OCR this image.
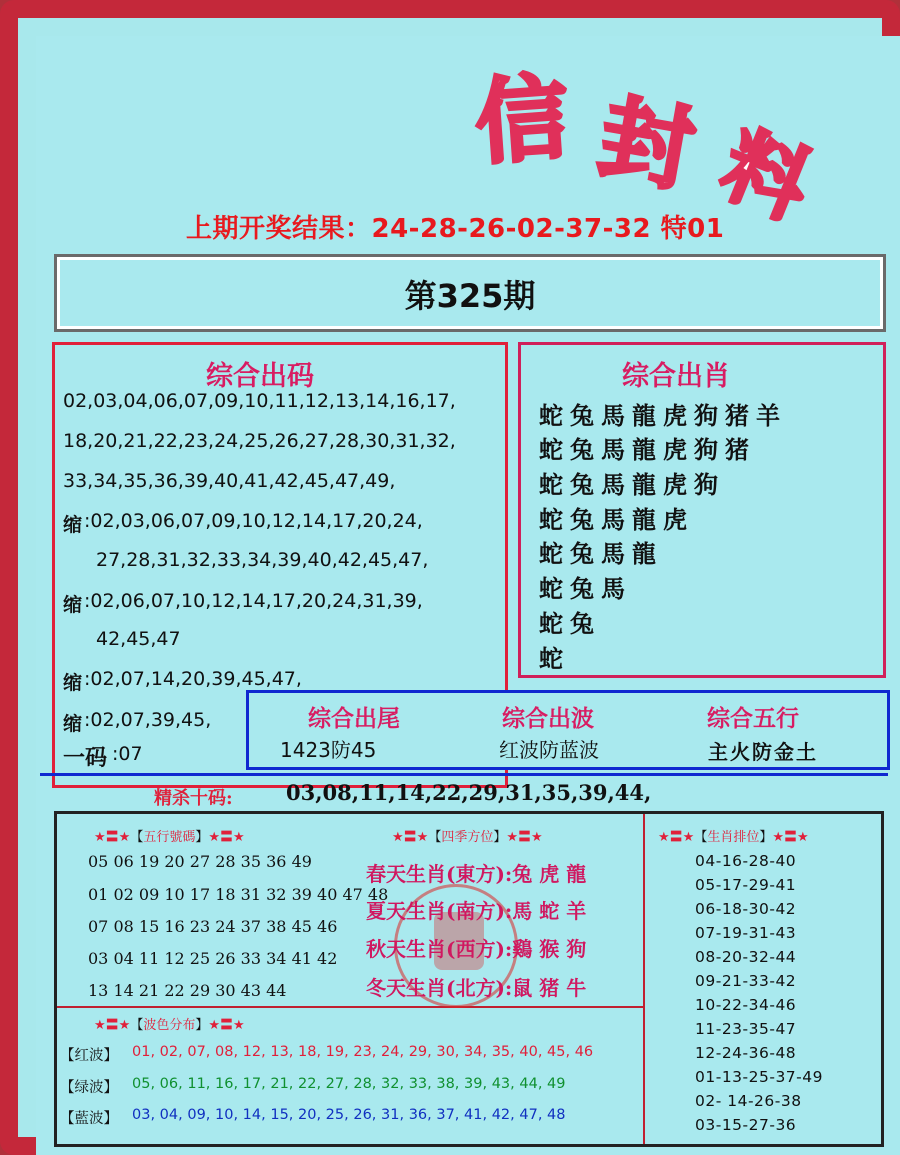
信 封 料
上期开奖结果：24-28-26-02-37-32 特01
第325期
综合出码
02,03,04,06,07,09,10,11,12,13,14,16,17,
18,20,21,22,23,24,25,26,27,28,30,31,32,
33,34,35,36,39,40,41,42,45,47,49,
缩 :02,03,06,07,09,10,12,14,17,20,24,
27,28,31,32,33,34,39,40,42,45,47,
缩 :02,06,07,10,12,14,17,20,24,31,39,
42,45,47
缩 :02,07,14,20,39,45,47,
缩 :02,07,39,45,
一码 :07
综合出肖
蛇兔馬龍虎狗猪羊
蛇兔馬龍虎狗猪
蛇兔馬龍虎狗
蛇兔馬龍虎
蛇兔馬龍
蛇兔馬
蛇兔
蛇
综合出尾
1423防45
综合出波
红波防蓝波
综合五行
主火防金土
精杀十码:	03,08,11,14,22,29,31,35,39,44,
★〓★【五行號碼】★〓★
05 06 19 20 27 28 35 36 49
01 02 09 10 17 18 31 32 39 40 47 48
07 08 15 16 23 24 37 38 45 46
03 04 11 12 25 26 33 34 41 42
13 14 21 22 29 30 43 44
★〓★【四季方位】★〓★
春天生肖(東方):兔 虎 龍
夏天生肖(南方):馬 蛇 羊
秋天生肖(西方):鷄 猴 狗
冬天生肖(北方):鼠 猪 牛
★〓★【波色分布】★〓★
【红波】 01, 02, 07, 08, 12, 13, 18, 19, 23, 24, 29, 30, 34, 35, 40, 45, 46
【绿波】 05, 06, 11, 16, 17, 21, 22, 27, 28, 32, 33, 38, 39, 43, 44, 49
【藍波】 03, 04, 09, 10, 14, 15, 20, 25, 26, 31, 36, 37, 41, 42, 47, 48
★〓★【生肖排位】★〓★
04-16-28-40
05-17-29-41
06-18-30-42
07-19-31-43
08-20-32-44
09-21-33-42
10-22-34-46
11-23-35-47
12-24-36-48
01-13-25-37-49
02- 14-26-38
03-15-27-36
